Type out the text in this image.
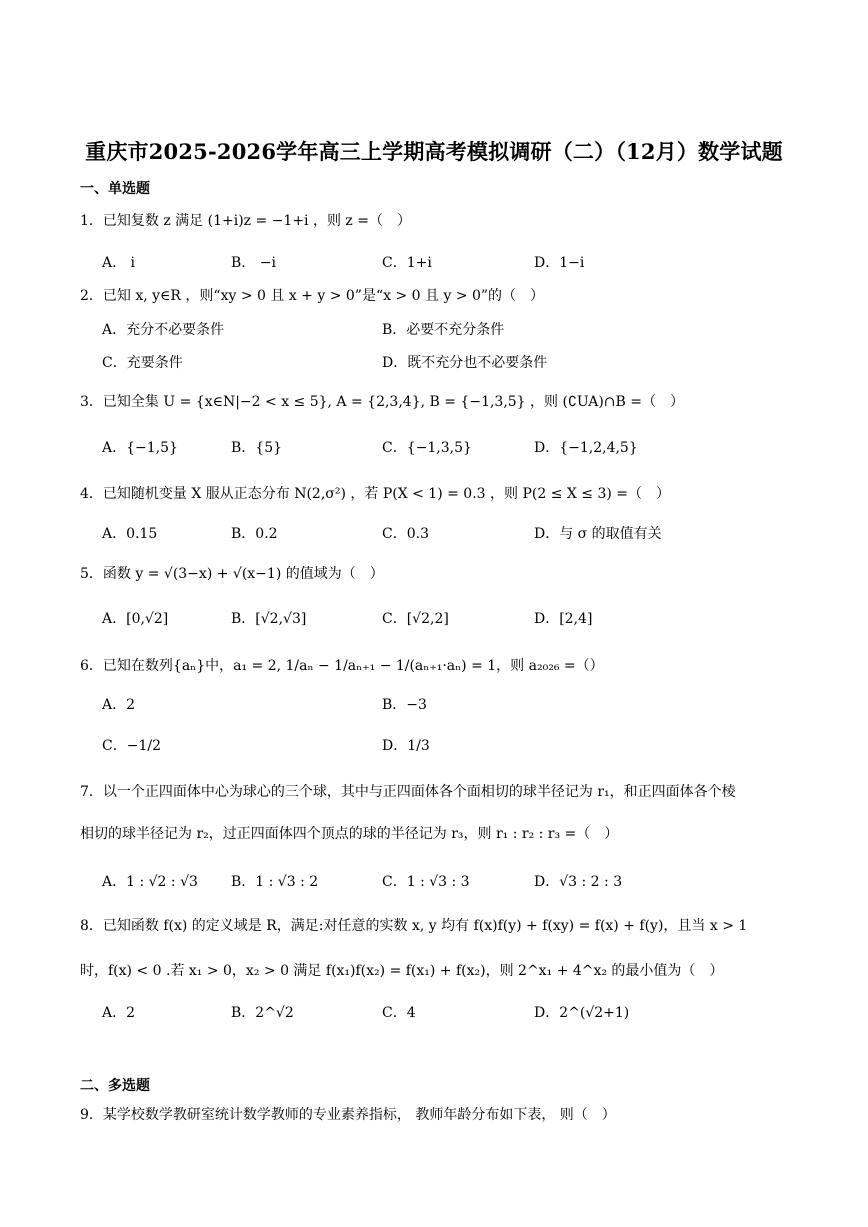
重庆市2025-2026学年高三上学期高考模拟调研（二）（12月）数学试题
一、单选题
1．已知复数 z 满足 (1+i)z = −1+i ，则 z =（　）
A． i	B． −i	C．1+i	D．1−i
2．已知 x, y∈R ，则“xy > 0 且 x + y > 0”是“x > 0 且 y > 0”的（　）
A．充分不必要条件	B．必要不充分条件
C．充要条件	D．既不充分也不必要条件
3．已知全集 U = {x∈N|−2 < x ≤ 5}, A = {2,3,4}, B = {−1,3,5} ，则 (∁UA)∩B =（　）
A．{−1,5}	B．{5}	C．{−1,3,5}	D．{−1,2,4,5}
4．已知随机变量 X 服从正态分布 N(2,σ²) ，若 P(X < 1) = 0.3 ，则 P(2 ≤ X ≤ 3) =（　）
A．0.15	B．0.2	C．0.3	D．与 σ 的取值有关
5．函数 y = √(3−x) + √(x−1) 的值域为（　）
A．[0,√2]	B．[√2,√3]	C．[√2,2]	D．[2,4]
6．已知在数列{aₙ}中，a₁ = 2, 1/aₙ − 1/aₙ₊₁ − 1/(aₙ₊₁·aₙ) = 1，则 a₂₀₂₆ =（）
A．2	B．−3
C．−1/2	D．1/3
7．以一个正四面体中心为球心的三个球，其中与正四面体各个面相切的球半径记为 r₁，和正四面体各个棱
相切的球半径记为 r₂，过正四面体四个顶点的球的半径记为 r₃，则 r₁ : r₂ : r₃ =（　）
A．1 : √2 : √3 B．1 : √3 : 2	C．1 : √3 : 3	D．√3 : 2 : 3
8．已知函数 f(x) 的定义域是 R，满足:对任意的实数 x, y 均有 f(x)f(y) + f(xy) = f(x) + f(y)，且当 x > 1
时，f(x) < 0 .若 x₁ > 0，x₂ > 0 满足 f(x₁)f(x₂) = f(x₁) + f(x₂)，则 2^x₁ + 4^x₂ 的最小值为（　）
A．2	B．2^√2	C．4	D．2^(√2+1)
二、多选题
9．某学校数学教研室统计数学教师的专业素养指标， 教师年龄分布如下表， 则（　）
